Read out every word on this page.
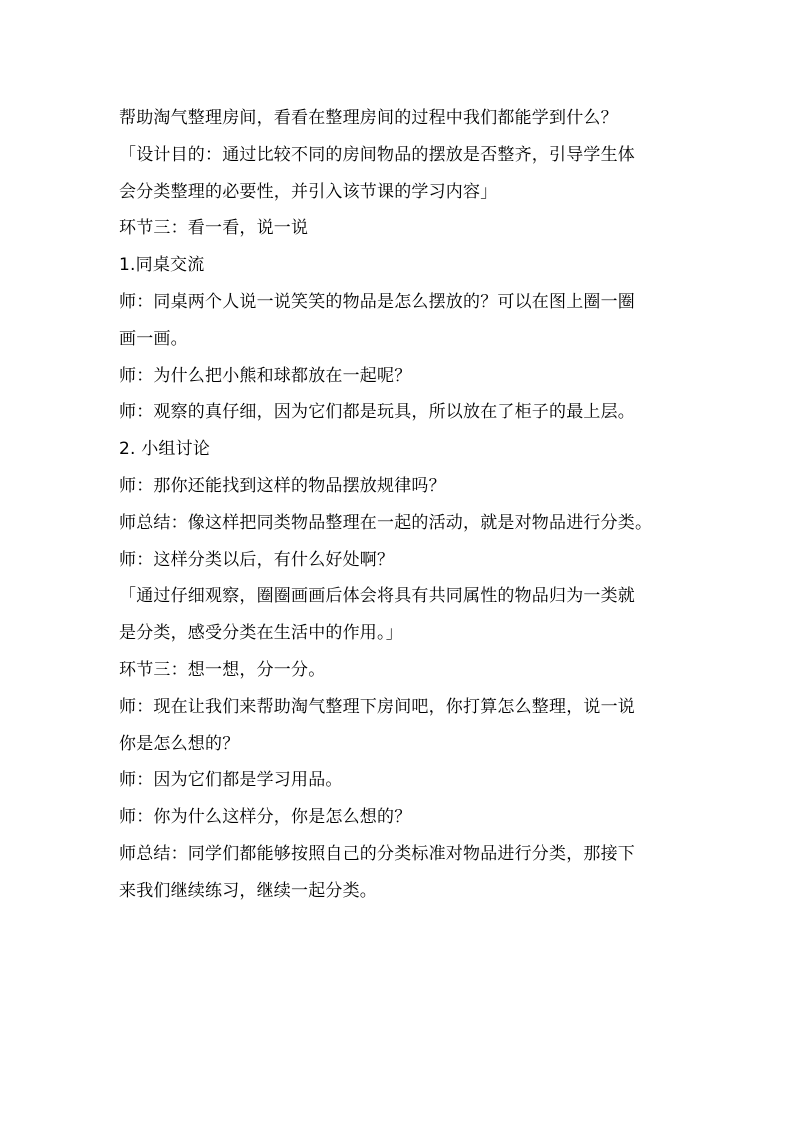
帮助淘气整理房间，看看在整理房间的过程中我们都能学到什么？
「设计目的：通过比较不同的房间物品的摆放是否整齐，引导学生体
会分类整理的必要性，并引入该节课的学习内容」
环节三：看一看，说一说
1.同桌交流
师：同桌两个人说一说笑笑的物品是怎么摆放的？可以在图上圈一圈
画一画。
师：为什么把小熊和球都放在一起呢？
师：观察的真仔细，因为它们都是玩具，所以放在了柜子的最上层。
2. 小组讨论
师：那你还能找到这样的物品摆放规律吗？
师总结：像这样把同类物品整理在一起的活动，就是对物品进行分类。
师：这样分类以后，有什么好处啊？
「通过仔细观察，圈圈画画后体会将具有共同属性的物品归为一类就
是分类，感受分类在生活中的作用。」
环节三：想一想，分一分。
师：现在让我们来帮助淘气整理下房间吧，你打算怎么整理，说一说
你是怎么想的？
师：因为它们都是学习用品。
师：你为什么这样分，你是怎么想的？
师总结：同学们都能够按照自己的分类标准对物品进行分类，那接下
来我们继续练习，继续一起分类。
